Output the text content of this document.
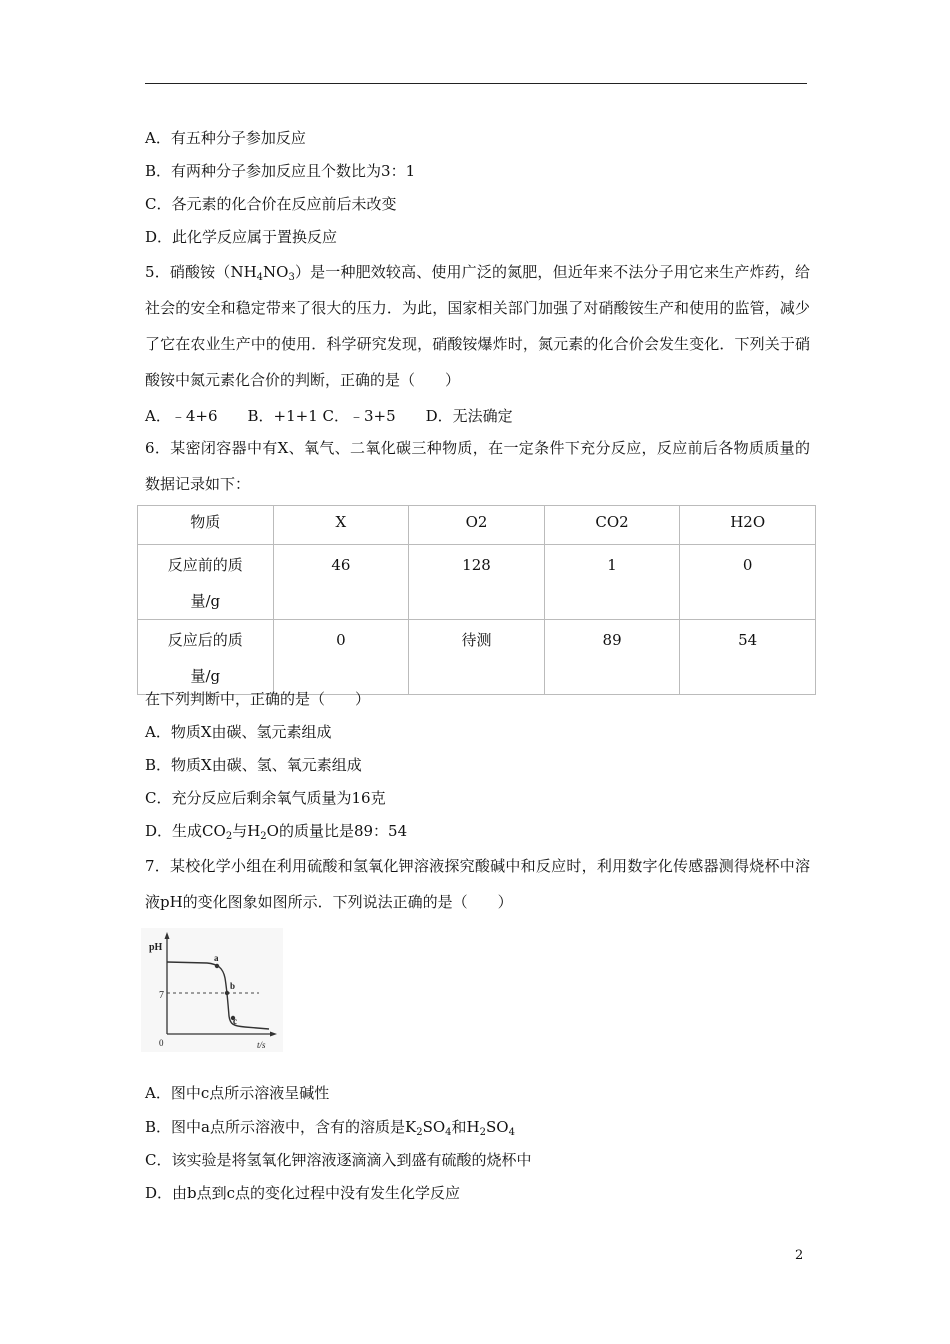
A．有五种分子参加反应
B．有两种分子参加反应且个数比为3：1
C．各元素的化合价在反应前后未改变
D．此化学反应属于置换反应
5．硝酸铵$(NH_4NO_3)$是一种肥效较高、使用广泛的氮肥，但近年来不法分子用它来生产炸药，给社会的安全和稳定带来了很大的压力．为此，国家相关部门加强了对硝酸铵生产和使用的监管，减少了它在农业生产中的使用．科学研究发现，硝酸铵爆炸时，氮元素的化合价会发生变化．下列关于硝酸铵中氮元素化合价的判断，正确的是（　　）
A．﹣4+6　　B．+1+1 C．﹣3+5　　D．无法确定
6．某密闭容器中有X、氧气、二氧化碳三种物质，在一定条件下充分反应，反应前后各物质质量的数据记录如下：
物质	X	O2	CO2	H2O

反应前的质量/g	46	128	1	0

反应后的质量/g	0	待测	89	54
在下列判断中，正确的是（　　）
A．物质X由碳、氢元素组成
B．物质X由碳、氢、氧元素组成
C．充分反应后剩余氧气质量为16克
D．生成$CO_2$与$H_2O$的质量比是89：54
7．某校化学小组在利用硫酸和氢氧化钾溶液探究酸碱中和反应时，利用数字化传感器测得烧杯中溶液pH的变化图象如图所示．下列说法正确的是（　　）
pH
7
0	t/s
a
b
c
A．图中c点所示溶液呈碱性
B．图中a点所示溶液中，含有的溶质是$K_2SO_4$和$H_2SO_4$
C．该实验是将氢氧化钾溶液逐滴滴入到盛有硫酸的烧杯中
D．由b点到c点的变化过程中没有发生化学反应
2
